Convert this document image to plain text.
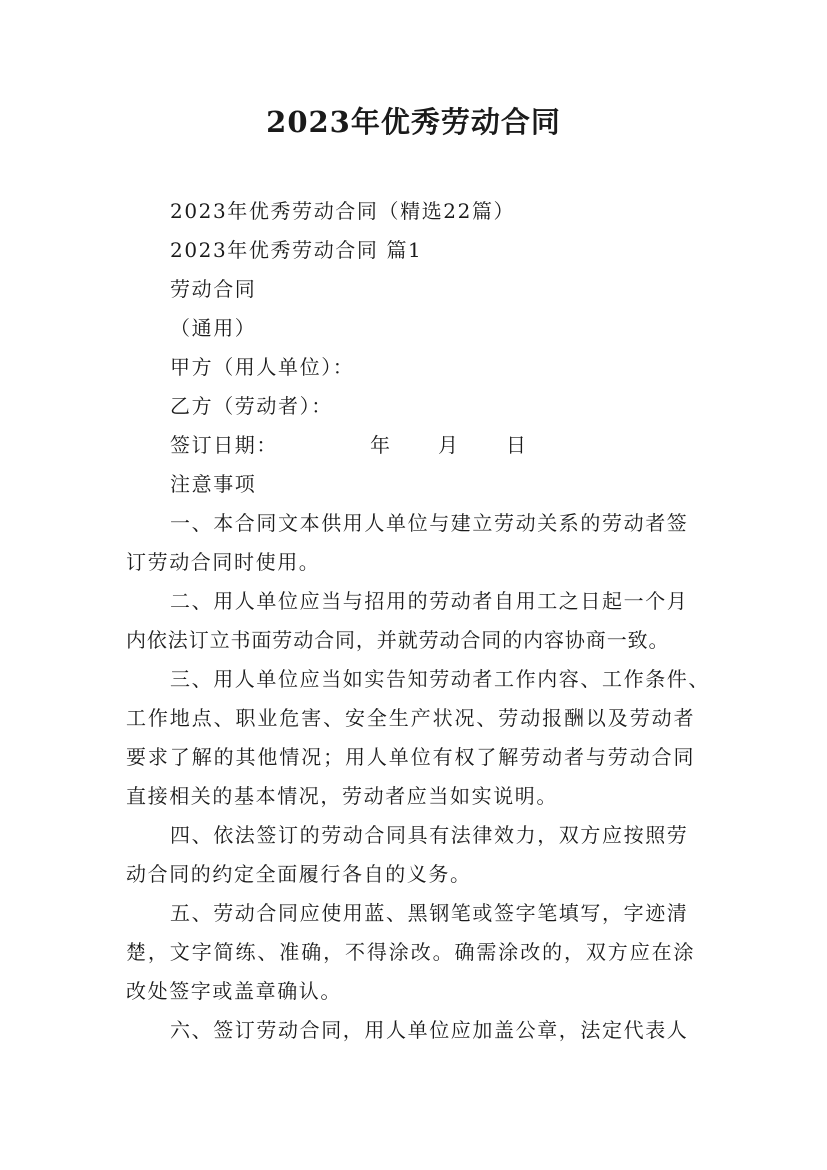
2023年优秀劳动合同
2023年优秀劳动合同（精选22篇）
2023年优秀劳动合同 篇1
劳动合同
（通用）
甲方（用人单位）：
乙方（劳动者）：
签订日期：	年 月 日
注意事项
一、本合同文本供用人单位与建立劳动关系的劳动者签
订劳动合同时使用。
二、用人单位应当与招用的劳动者自用工之日起一个月
内依法订立书面劳动合同，并就劳动合同的内容协商一致。
三、用人单位应当如实告知劳动者工作内容、工作条件、
工作地点、职业危害、安全生产状况、劳动报酬以及劳动者
要求了解的其他情况；用人单位有权了解劳动者与劳动合同
直接相关的基本情况，劳动者应当如实说明。
四、依法签订的劳动合同具有法律效力，双方应按照劳
动合同的约定全面履行各自的义务。
五、劳动合同应使用蓝、黑钢笔或签字笔填写，字迹清
楚，文字简练、准确，不得涂改。确需涂改的，双方应在涂
改处签字或盖章确认。
六、签订劳动合同，用人单位应加盖公章，法定代表人
